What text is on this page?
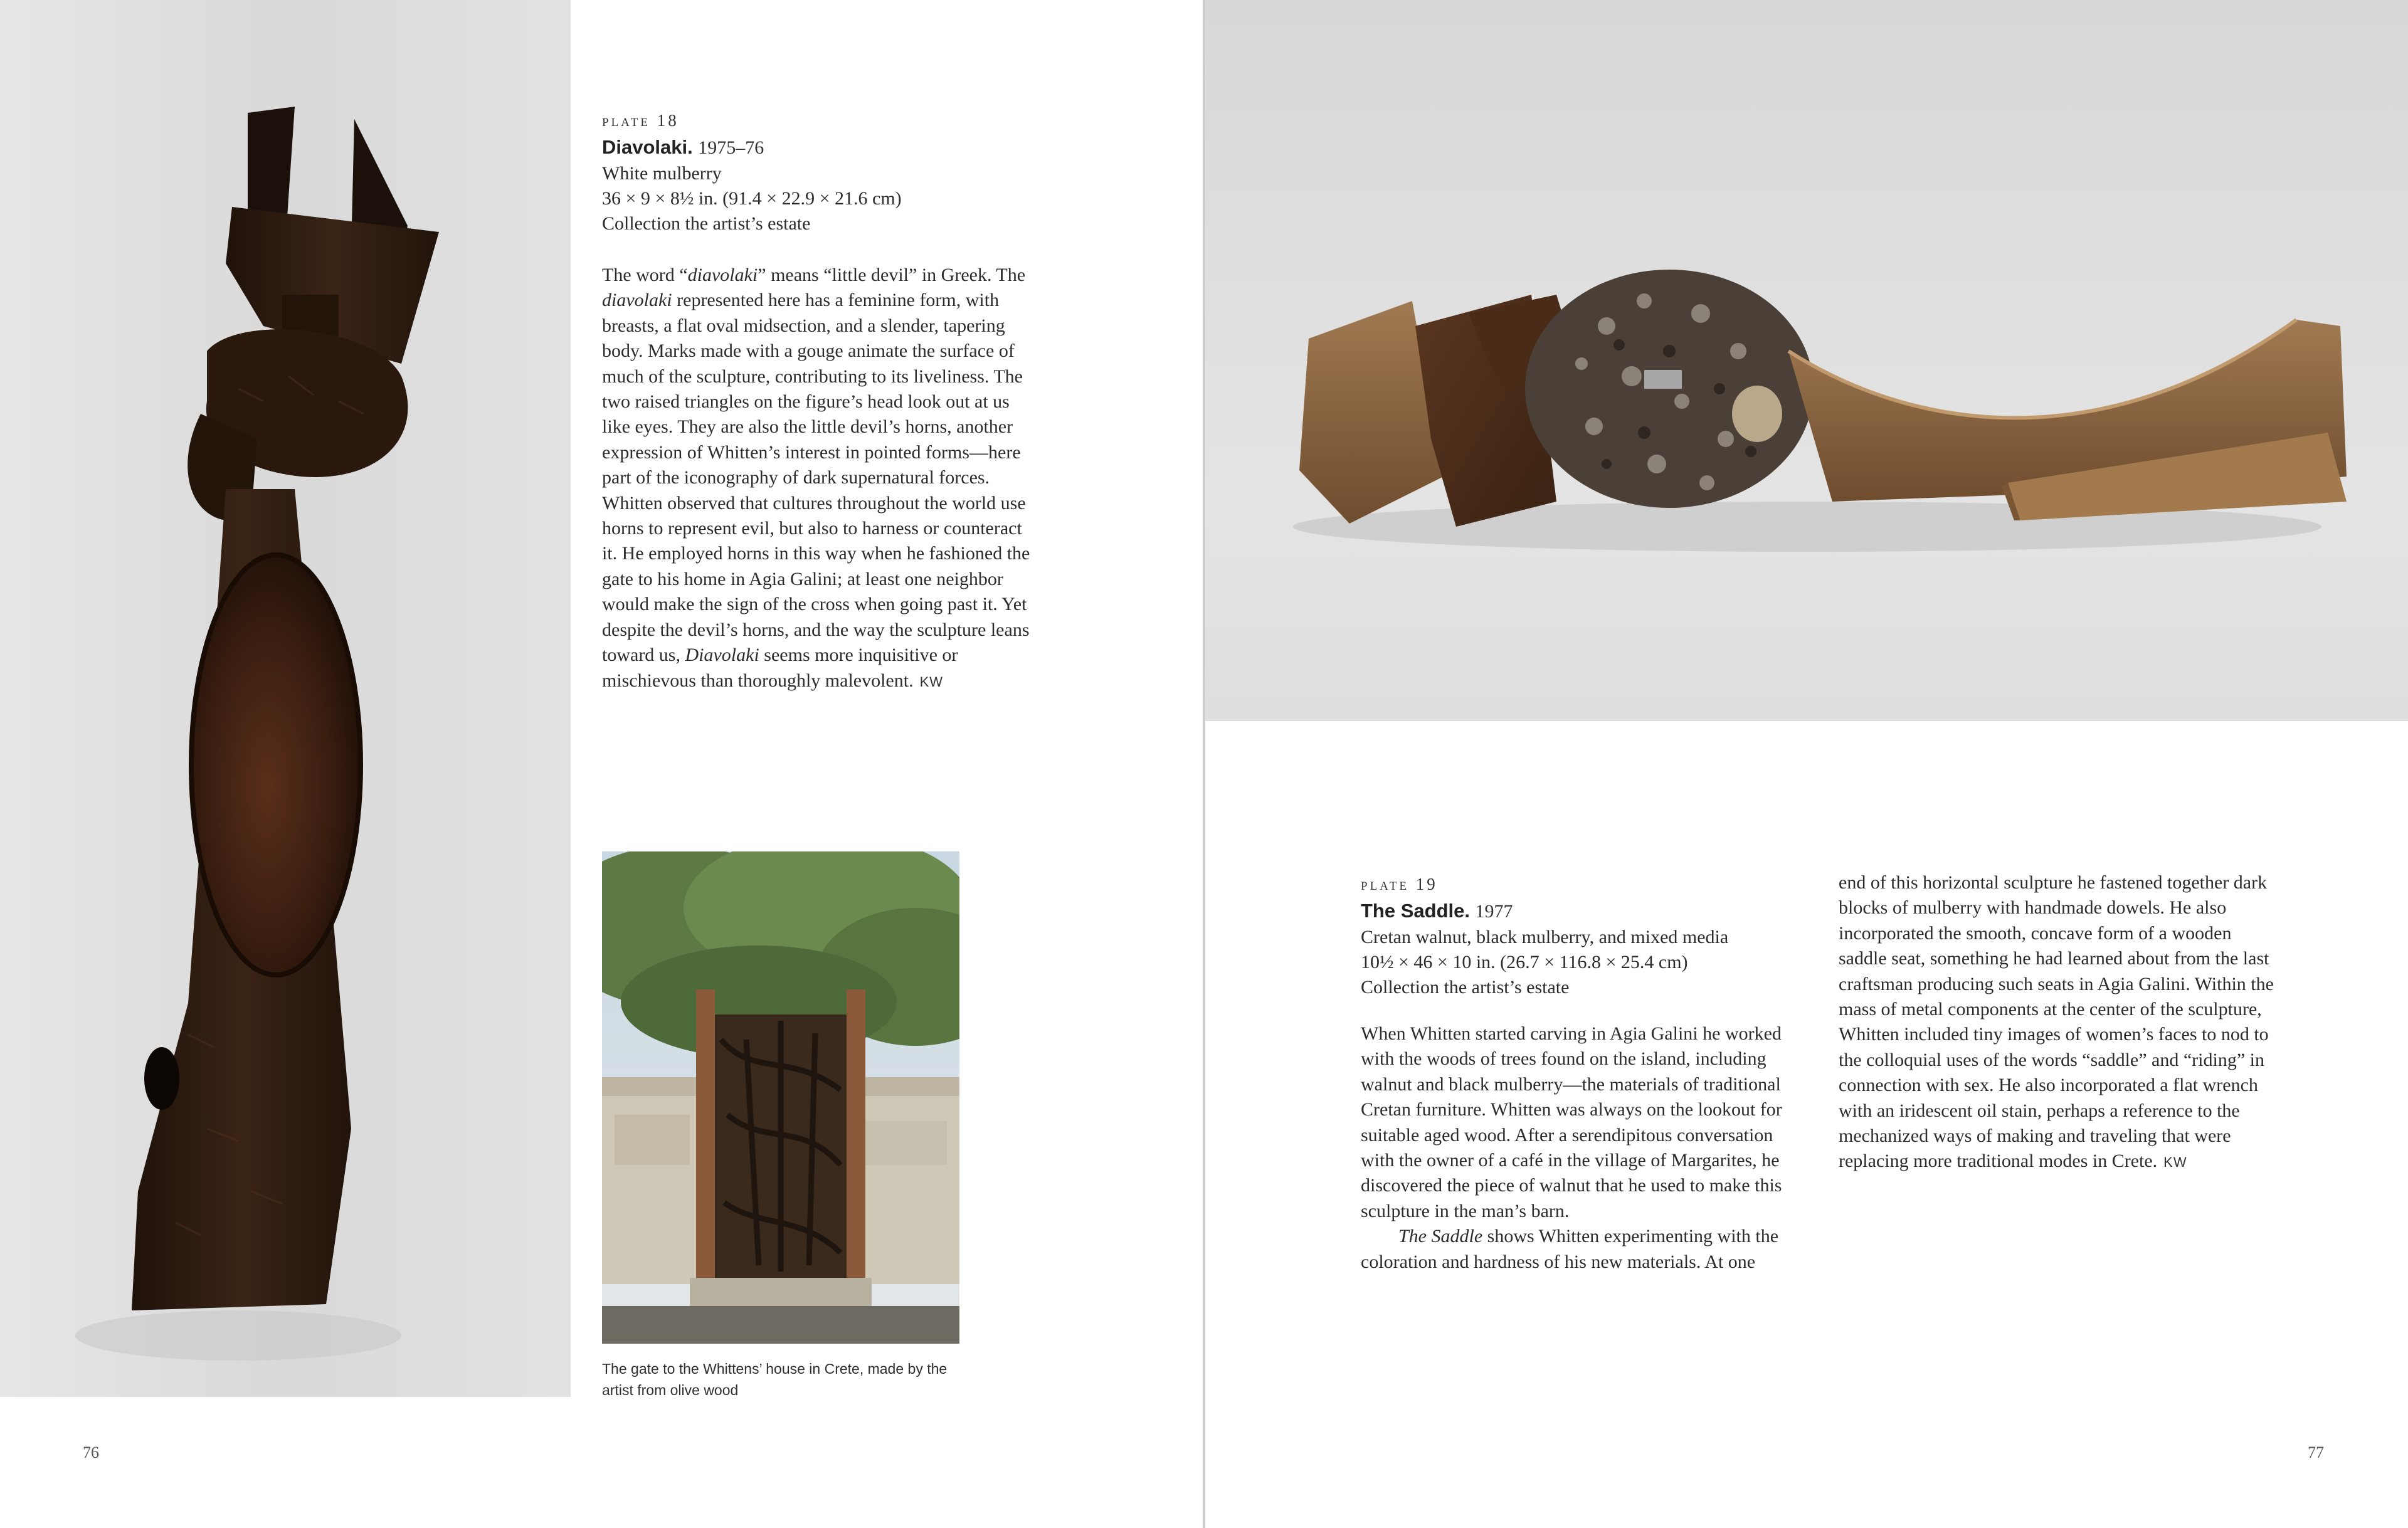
plate 18

Diavolaki. 1975–76

White mulberry

36 × 9 × 8½ in. (91.4 × 22.9 × 21.6 cm)

Collection the artist’s estate

The word “diavolaki” means “little devil” in Greek. The diavolaki represented here has a feminine form, with breasts, a flat oval midsection, and a slender, tapering body. Marks made with a gouge animate the surface of much of the sculpture, contributing to its liveliness. The two raised triangles on the figure’s head look out at us like eyes. They are also the little devil’s horns, another expression of Whitten’s interest in pointed forms—here part of the iconography of dark supernatural forces. Whitten observed that cultures throughout the world use horns to represent evil, but also to harness or counteract it. He employed horns in this way when he fashioned the gate to his home in Agia Galini; at least one neighbor would make the sign of the cross when going past it. Yet despite the devil’s horns, and the way the sculpture leans toward us, Diavolaki seems more inquisitive or mischievous than thoroughly malevolent. KW

The gate to the Whittens’ house in Crete, made by the artist from olive wood

76

plate 19

The Saddle. 1977

Cretan walnut, black mulberry, and mixed media

10½ × 46 × 10 in. (26.7 × 116.8 × 25.4 cm)

Collection the artist’s estate

When Whitten started carving in Agia Galini he worked with the woods of trees found on the island, including walnut and black mulberry—the materials of traditional Cretan furniture. Whitten was always on the lookout for suitable aged wood. After a serendipitous conversation with the owner of a café in the village of Margarites, he discovered the piece of walnut that he used to make this sculpture in the man’s barn.

The Saddle shows Whitten experimenting with the coloration and hardness of his new materials. At one

end of this horizontal sculpture he fastened together dark blocks of mulberry with handmade dowels. He also incorporated the smooth, concave form of a wooden saddle seat, something he had learned about from the last craftsman producing such seats in Agia Galini. Within the mass of metal components at the center of the sculpture, Whitten included tiny images of women’s faces to nod to the colloquial uses of the words “saddle” and “riding” in connection with sex. He also incorporated a flat wrench with an iridescent oil stain, perhaps a reference to the mechanized ways of making and traveling that were replacing more traditional modes in Crete. KW

77
